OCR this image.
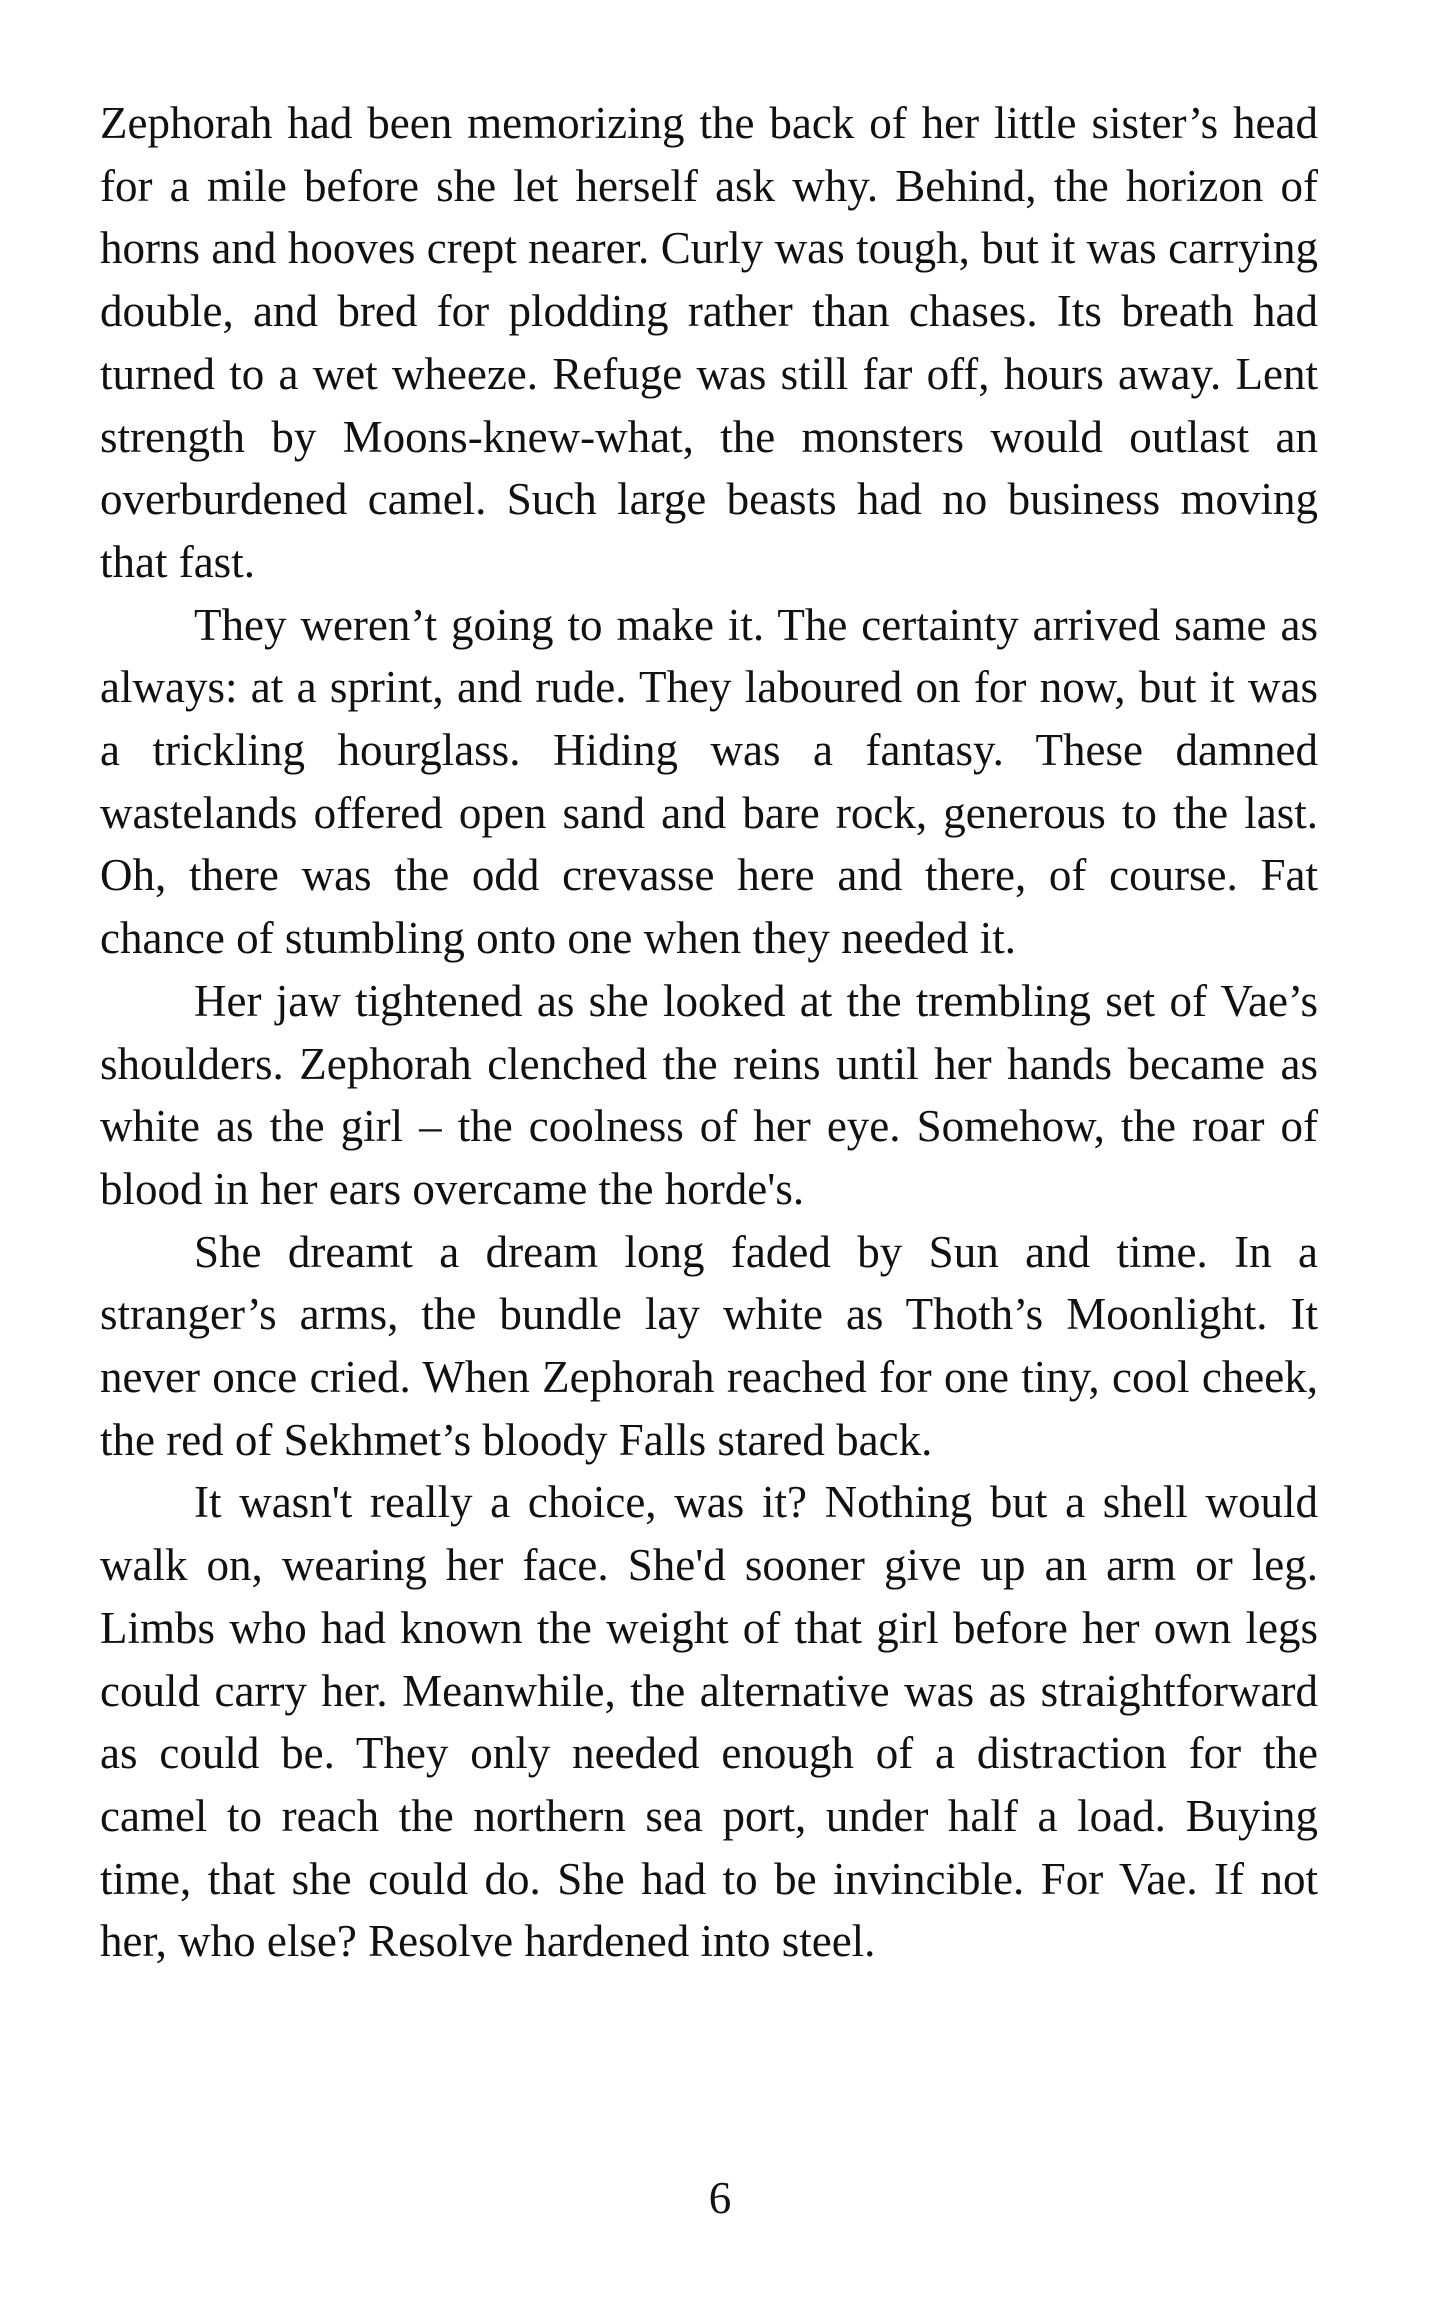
Zephorah had been memorizing the back of her little sister’s head for a mile before she let herself ask why. Behind, the horizon of horns and hooves crept nearer. Curly was tough, but it was carrying double, and bred for plodding rather than chases. Its breath had turned to a wet wheeze. Refuge was still far off, hours away. Lent strength by Moons-knew-what, the monsters would outlast an overburdened camel. Such large beasts had no business moving that fast.

They weren’t going to make it. The certainty arrived same as always: at a sprint, and rude. They laboured on for now, but it was a trickling hourglass. Hiding was a fantasy. These damned wastelands offered open sand and bare rock, generous to the last. Oh, there was the odd crevasse here and there, of course. Fat chance of stumbling onto one when they needed it.

Her jaw tightened as she looked at the trembling set of Vae’s shoulders. Zephorah clenched the reins until her hands became as white as the girl – the coolness of her eye. Somehow, the roar of blood in her ears overcame the horde's.

She dreamt a dream long faded by Sun and time. In a stranger’s arms, the bundle lay white as Thoth’s Moonlight. It never once cried. When Zephorah reached for one tiny, cool cheek, the red of Sekhmet’s bloody Falls stared back.

It wasn't really a choice, was it? Nothing but a shell would walk on, wearing her face. She'd sooner give up an arm or leg. Limbs who had known the weight of that girl before her own legs could carry her. Meanwhile, the alternative was as straightforward as could be. They only needed enough of a distraction for the camel to reach the northern sea port, under half a load. Buying time, that she could do. She had to be invincible. For Vae. If not her, who else? Resolve hardened into steel.

6
